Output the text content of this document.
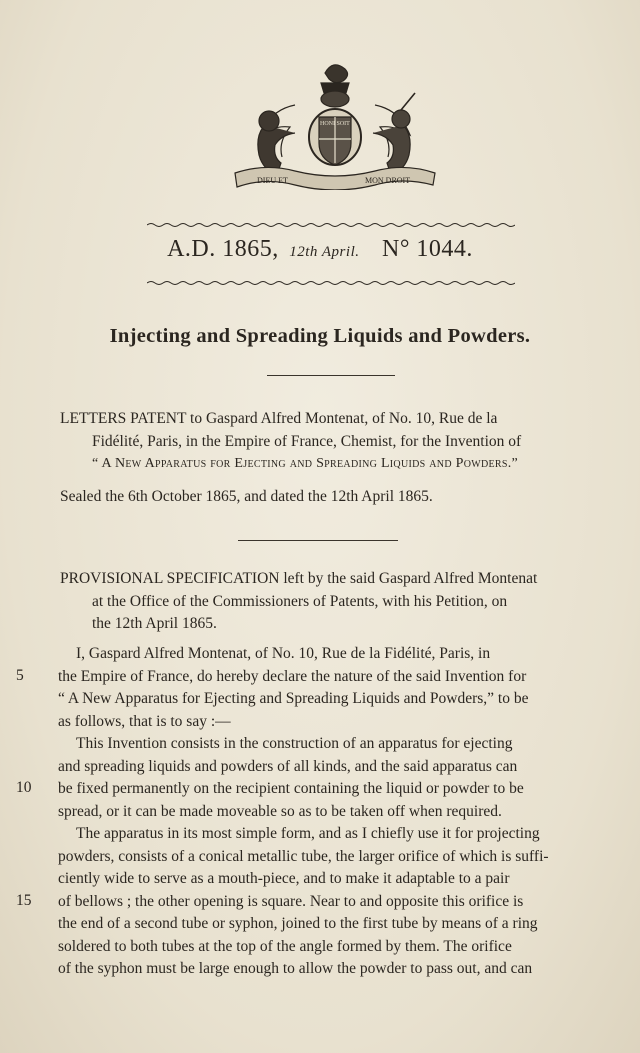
DIEU ET	MON DROIT
HONI SOIT
A.D. 1865, 12th April. N° 1044.
Injecting and Spreading Liquids and Powders.
LETTERS PATENT to Gaspard Alfred Montenat, of No. 10, Rue de la
Fidélité, Paris, in the Empire of France, Chemist, for the Invention of
“ A New Apparatus for Ejecting and Spreading Liquids and Powders.”
Sealed the 6th October 1865, and dated the 12th April 1865.
PROVISIONAL SPECIFICATION left by the said Gaspard Alfred Montenat
at the Office of the Commissioners of Patents, with his Petition, on
the 12th April 1865.
5
10
15
I, Gaspard Alfred Montenat, of No. 10, Rue de la Fidélité, Paris, in
the Empire of France, do hereby declare the nature of the said Invention for
“ A New Apparatus for Ejecting and Spreading Liquids and Powders,” to be
as follows, that is to say :—
This Invention consists in the construction of an apparatus for ejecting
and spreading liquids and powders of all kinds, and the said apparatus can
be fixed permanently on the recipient containing the liquid or powder to be
spread, or it can be made moveable so as to be taken off when required.
The apparatus in its most simple form, and as I chiefly use it for projecting
powders, consists of a conical metallic tube, the larger orifice of which is suffi-
ciently wide to serve as a mouth-piece, and to make it adaptable to a pair
of bellows ; the other opening is square. Near to and opposite this orifice is
the end of a second tube or syphon, joined to the first tube by means of a ring
soldered to both tubes at the top of the angle formed by them. The orifice
of the syphon must be large enough to allow the powder to pass out, and can
